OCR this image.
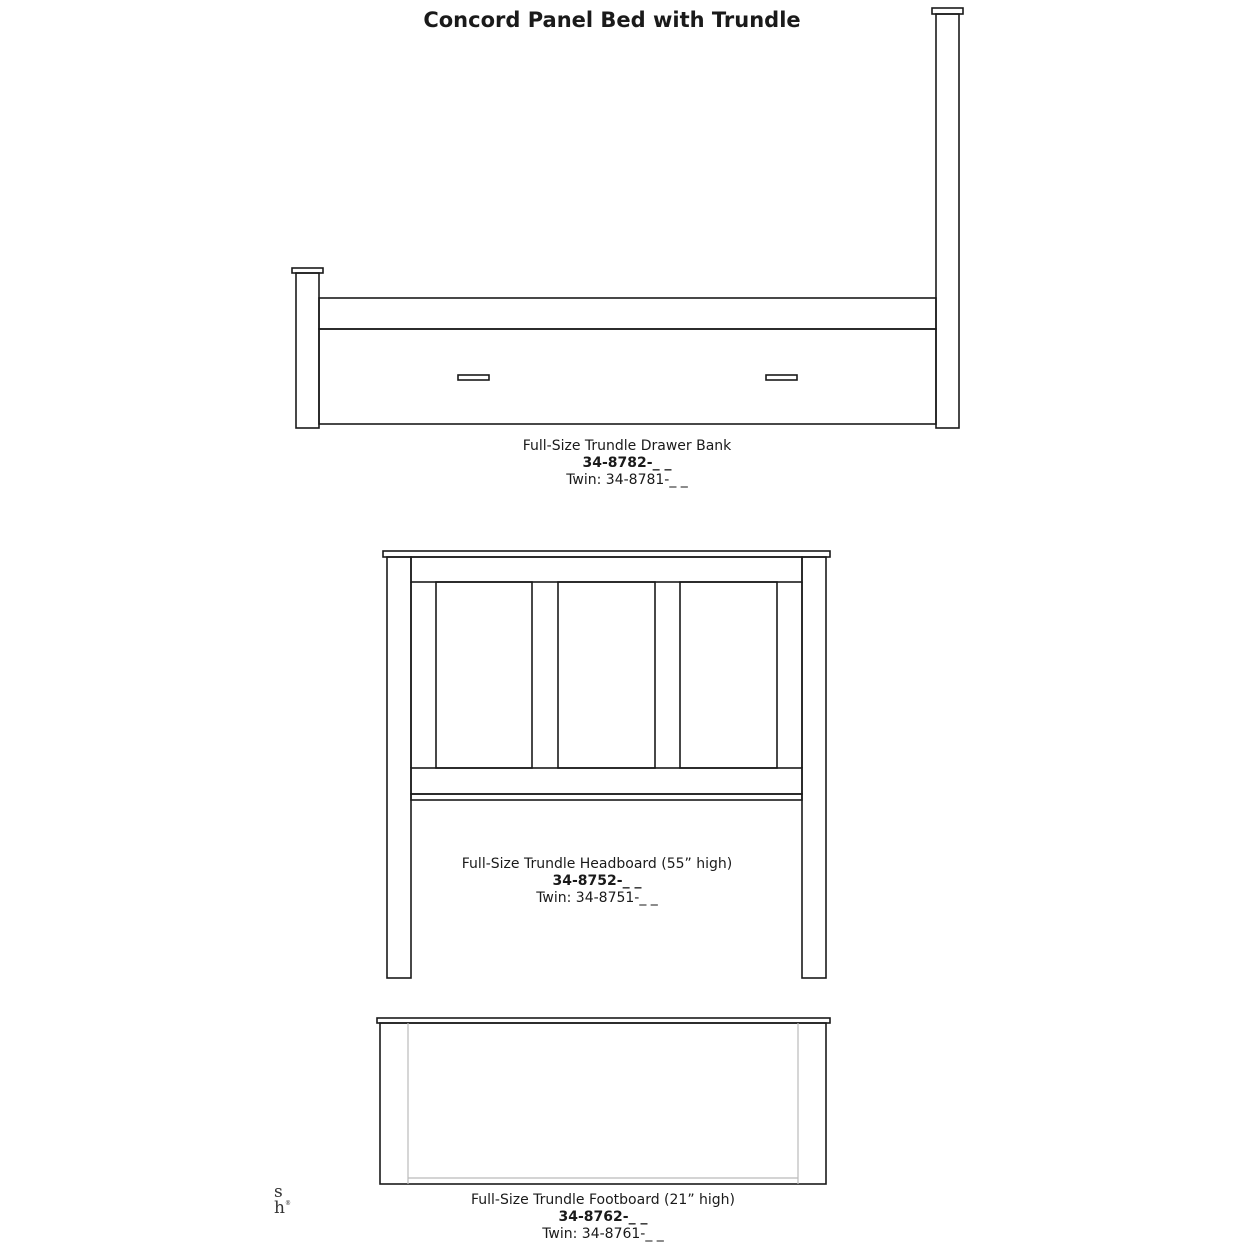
Concord Panel Bed with Trundle
Full-Size Trundle Drawer Bank
34-8782-_ _
Twin: 34-8781-_ _
Full-Size Trundle Headboard (55” high)
34-8752-_ _
Twin: 34-8751-_ _
Full-Size Trundle Footboard (21” high)
34-8762-_ _
Twin: 34-8761-_ _
s
h ®
